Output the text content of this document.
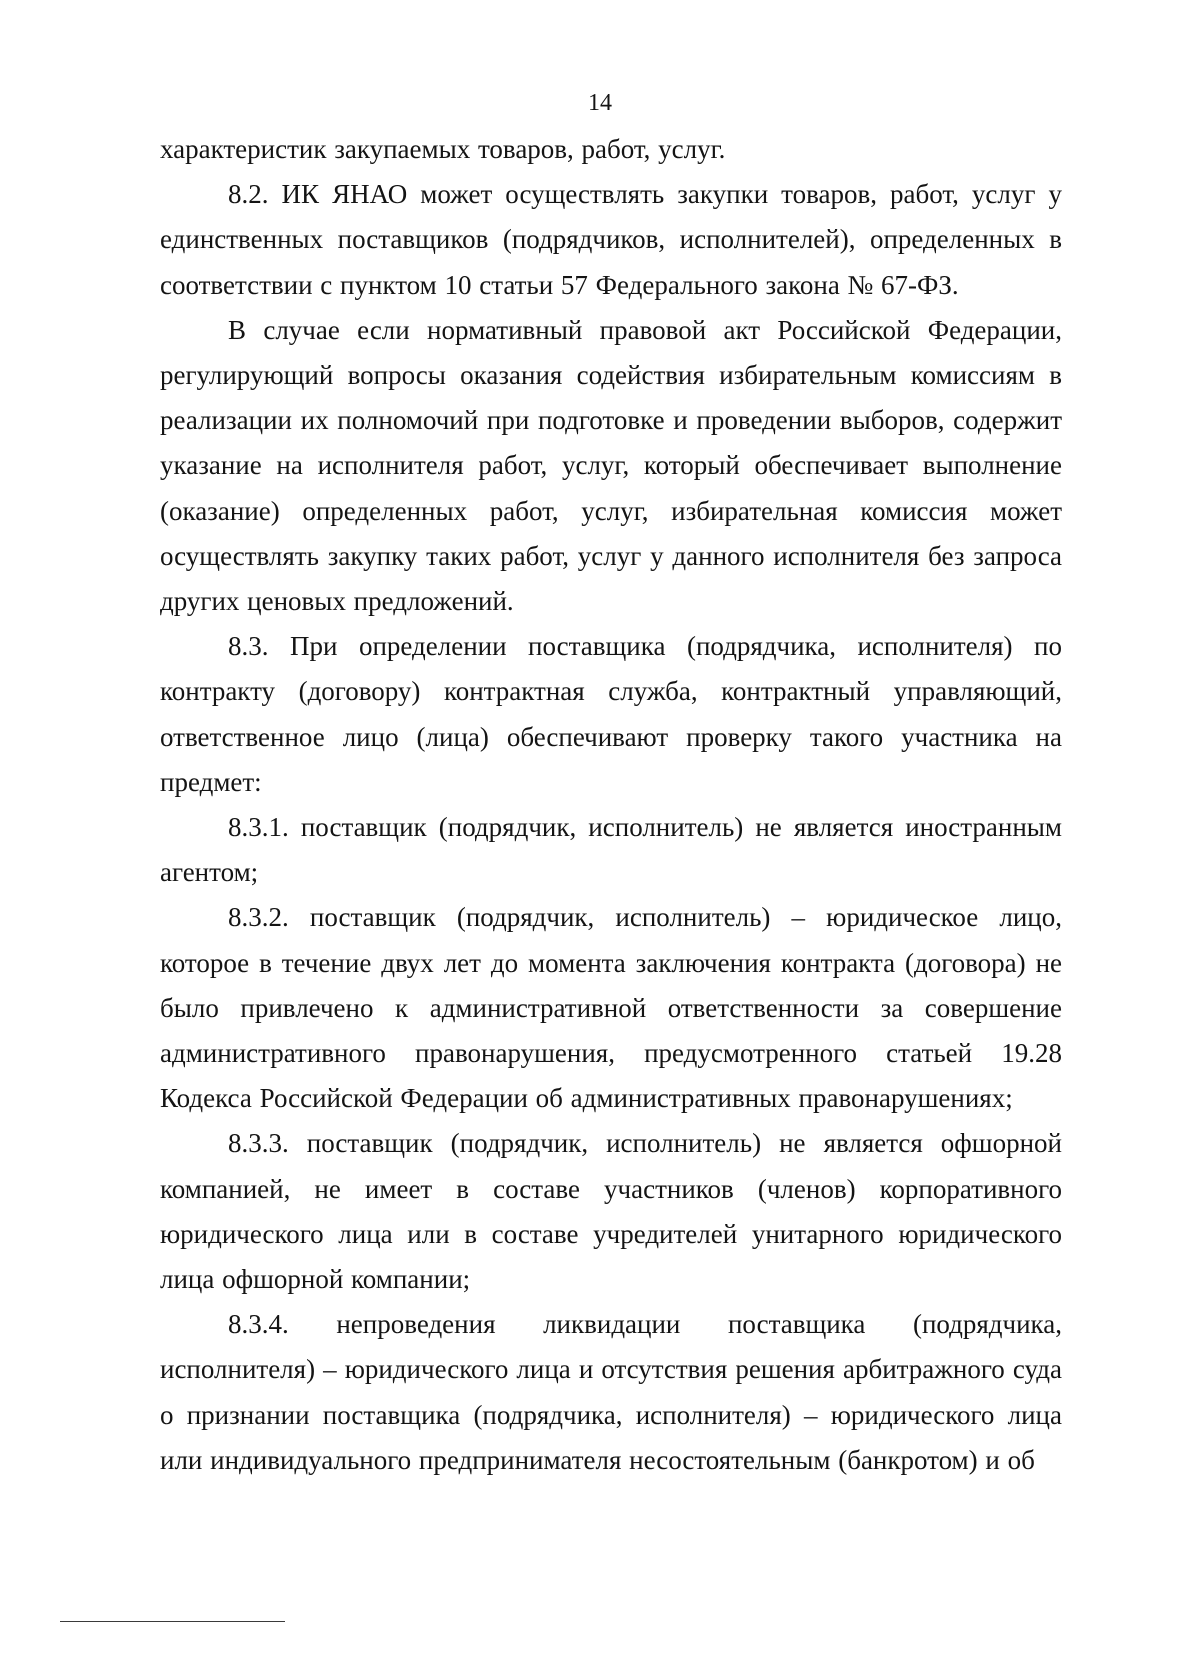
14

характеристик закупаемых товаров, работ, услуг.

8.2. ИК ЯНАО может осуществлять закупки товаров, работ, услуг у единственных поставщиков (подрядчиков, исполнителей), определенных в соответствии с пунктом 10 статьи 57 Федерального закона № 67-ФЗ.

В случае если нормативный правовой акт Российской Федерации, регулирующий вопросы оказания содействия избирательным комиссиям в реализации их полномочий при подготовке и проведении выборов, содержит указание на исполнителя работ, услуг, который обеспечивает выполнение (оказание) определенных работ, услуг, избирательная комиссия может осуществлять закупку таких работ, услуг у данного исполнителя без запроса других ценовых предложений.

8.3. При определении поставщика (подрядчика, исполнителя) по контракту (договору) контрактная служба, контрактный управляющий, ответственное лицо (лица) обеспечивают проверку такого участника на предмет:

8.3.1. поставщик (подрядчик, исполнитель) не является иностранным агентом;

8.3.2. поставщик (подрядчик, исполнитель) – юридическое лицо, которое в течение двух лет до момента заключения контракта (договора) не было привлечено к административной ответственности за совершение административного правонарушения, предусмотренного статьей 19.28 Кодекса Российской Федерации об административных правонарушениях;

8.3.3. поставщик (подрядчик, исполнитель) не является офшорной компанией, не имеет в составе участников (членов) корпоративного юридического лица или в составе учредителей унитарного юридического лица офшорной компании;

8.3.4. непроведения ликвидации поставщика (подрядчика, исполнителя) – юридического лица и отсутствия решения арбитражного суда о признании поставщика (подрядчика, исполнителя) – юридического лица или индивидуального предпринимателя несостоятельным (банкротом) и об
